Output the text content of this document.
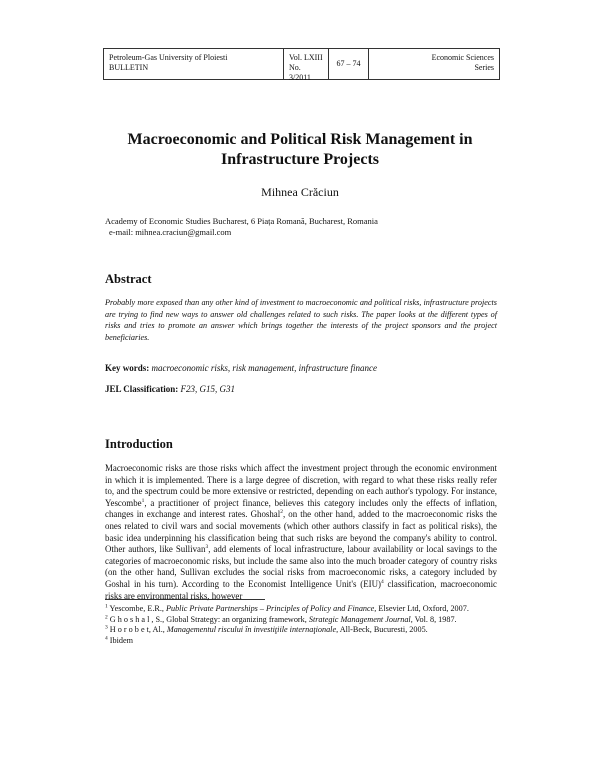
Petroleum-Gas University of Ploiesti
BULLETIN
Vol. LXIII
No. 3/2011
67 – 74
Economic Sciences
Series
Macroeconomic and Political Risk Management in
Infrastructure Projects
Mihnea Crăciun
Academy of Economic Studies Bucharest, 6 Piața Romană, Bucharest, Romania
e-mail: mihnea.craciun@gmail.com
Abstract
Probably more exposed than any other kind of investment to macroeconomic and political risks, infrastructure projects are trying to find new ways to answer old challenges related to such risks. The paper looks at the different types of risks and tries to promote an answer which brings together the interests of the project sponsors and the project beneficiaries.
Key words: macroeconomic risks, risk management, infrastructure finance
JEL Classification: F23, G15, G31
Introduction

Macroeconomic risks are those risks which affect the investment project through the economic environment in which it is implemented. There is a large degree of discretion, with regard to what these risks really refer to, and the spectrum could be more extensive or restricted, depending on each author's typology. For instance, Yescombe$^1$, a practitioner of project finance, believes this category includes only the effects of inflation, changes in exchange and interest rates. Ghoshal$^2$, on the other hand, added to the macroeconomic risks the ones related to civil wars and social movements (which other authors classify in fact as political risks), the basic idea underpinning his classification being that such risks are beyond the company's ability to control. Other authors, like Sullivan$^3$, add elements of local infrastructure, labour availability or local savings to the categories of macroeconomic risks, but include the same also into the much broader category of country risks (on the other hand, Sullivan excludes the social risks from macroeconomic risks, a category included by Goshal in his turn). According to the Economist Intelligence Unit's (EIU)$^4$ classification, macroeconomic risks are environmental risks, however

$^1$ Yescombe, E.R., Public Private Partnerships – Principles of Policy and Finance, Elsevier Ltd, Oxford, 2007.
$^2$ G h o s h a l , S., Global Strategy: an organizing framework, Strategic Management Journal, Vol. 8, 1987.
$^3$ H o r o b e t, Al., Managementul riscului în investiţiile internaţionale, All-Beck, Bucuresti, 2005.
$^4$ Ibidem
